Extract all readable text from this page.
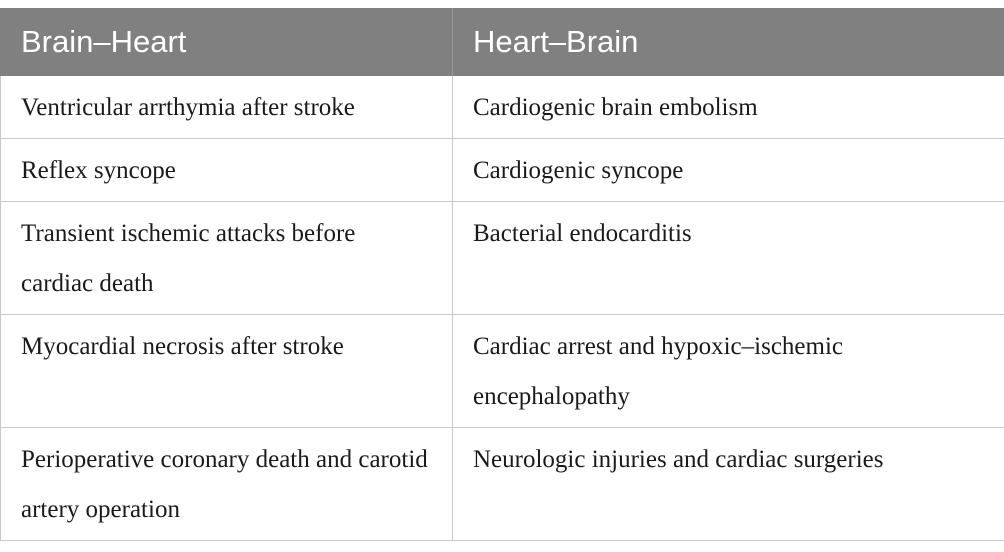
Brain–Heart	Heart–Brain
Ventricular arrthymia after stroke	Cardiogenic brain embolism
Reflex syncope	Cardiogenic syncope
Transient ischemic attacks before cardiac death	Bacterial endocarditis
Myocardial necrosis after stroke	Cardiac arrest and hypoxic–ischemic encephalopathy
Perioperative coronary death and carotid artery operation	Neurologic injuries and cardiac surgeries
